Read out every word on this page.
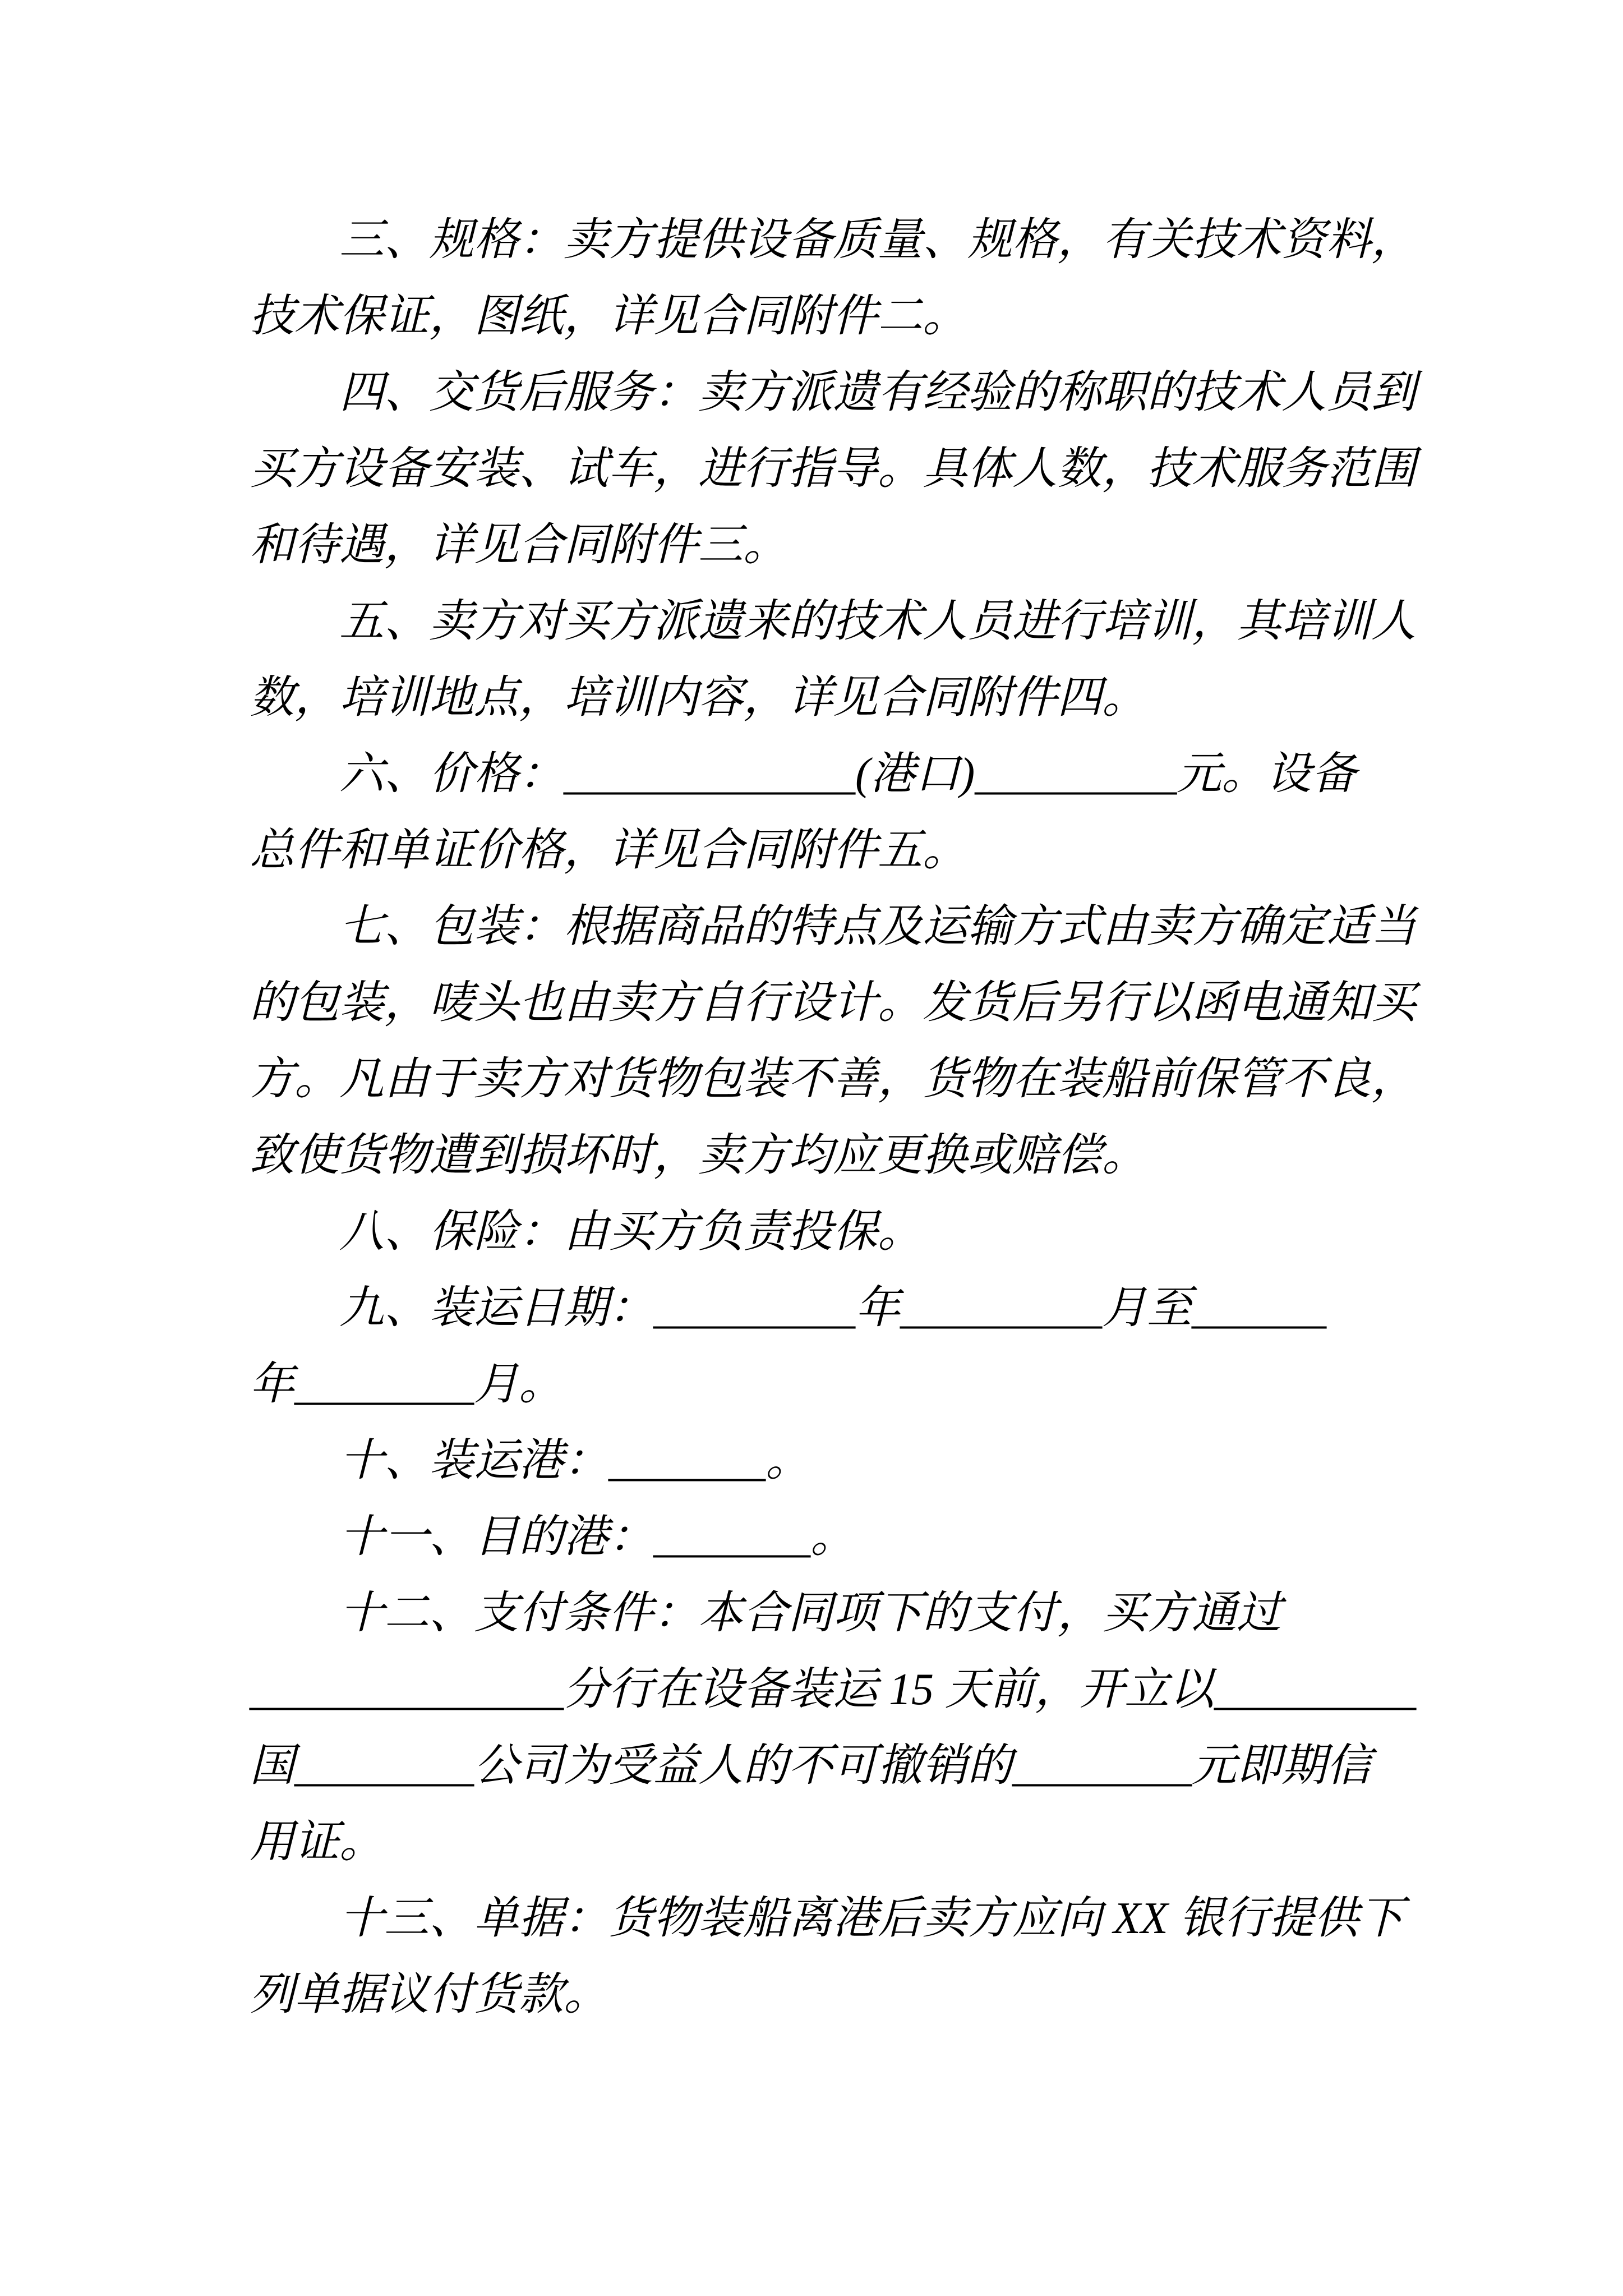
三、规格：卖方提供设备质量、规格，有关技术资料，
技术保证，图纸，详见合同附件二。
四、交货后服务：卖方派遗有经验的称职的技术人员到
买方设备安装、试车，进行指导。具体人数，技术服务范围
和待遇，详见合同附件三。
五、卖方对买方派遗来的技术人员进行培训，其培训人
数，培训地点，培训内容，详见合同附件四。
六、价格：_____________(港口)_________元。设备
总件和单证价格，详见合同附件五。
七、包装：根据商品的特点及运输方式由卖方确定适当
的包装，唛头也由卖方自行设计。发货后另行以函电通知买
方。凡由于卖方对货物包装不善，货物在装船前保管不良，
致使货物遭到损坏时，卖方均应更换或赔偿。
八、保险：由买方负责投保。
九、装运日期：_________年_________月至______
年________月。
十、装运港：_______。
十一、目的港：_______。
十二、支付条件：本合同项下的支付，买方通过
______________分行在设备装运 15 天前，开立以_________
国________公司为受益人的不可撤销的________元即期信
用证。
十三、单据：货物装船离港后卖方应向 XX 银行提供下
列单据议付货款。
